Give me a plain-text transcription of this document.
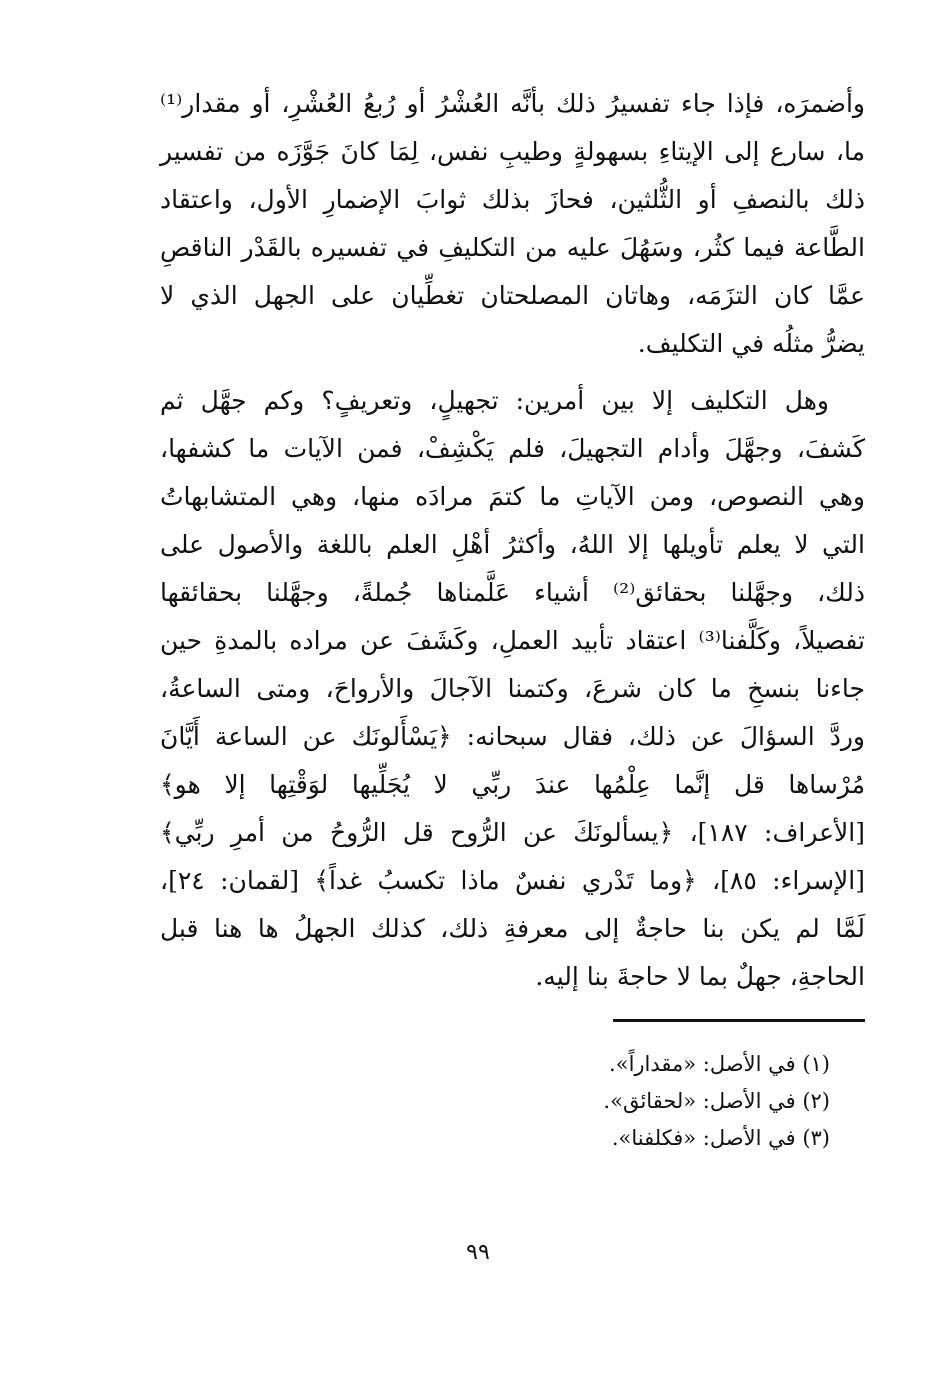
وأضمرَه، فإذا جاء تفسيرُ ذلك بأنَّه العُشْرُ أو رُبعُ العُشْرِ، أو مقدار⁽¹⁾
ما، سارع إلى الإيتاءِ بسهولةٍ وطيبِ نفس، لِمَا كانَ جَوَّزَه من تفسير
ذلك بالنصفِ أو الثُّلثين، فحازَ بذلك ثوابَ الإضمارِ الأول، واعتقاد
الطَّاعة فيما كثُر، وسَهُلَ عليه من التكليفِ في تفسيره بالقَدْر الناقصِ
عمَّا كان التزَمَه، وهاتان المصلحتان تغطِّيان على الجهل الذي لا
يضرُّ مثلُه في التكليف.
وهل التكليف إلا بين أمرين: تجهيلٍ، وتعريفٍ؟ وكم جهَّل ثم
كَشفَ، وجهَّلَ وأدام التجهيلَ، فلم يَكْشِفْ، فمن الآيات ما كشفها،
وهي النصوص، ومن الآياتِ ما كتمَ مرادَه منها، وهي المتشابهاتُ
التي لا يعلم تأويلها إلا اللهُ، وأكثرُ أهْلِ العلم باللغة والأصول على
ذلك، وجهَّلنا بحقائق⁽²⁾ أشياء عَلَّمناها جُملةً، وجهَّلنا بحقائقها
تفصيلاً، وكَلَّفنا⁽³⁾ اعتقاد تأبيد العملِ، وكَشَفَ عن مراده بالمدةِ حين
جاءنا بنسخِ ما كان شرعَ، وكتمنا الآجالَ والأرواحَ، ومتى الساعةُ،
وردَّ السؤالَ عن ذلك، فقال سبحانه: ﴿يَسْأَلونَك عن الساعة أَيَّانَ
مُرْساها قل إنَّما عِلْمُها عندَ ربِّي لا يُجَلِّيها لوَقْتِها إلا هو﴾
[الأعراف: ١٨٧]، ﴿يسألونَكَ عن الرُّوح قل الرُّوحُ من أمرِ ربِّي﴾
[الإسراء: ٨٥]، ﴿وما تَدْري نفسٌ ماذا تكسبُ غداً﴾ [لقمان: ٢٤]،
لَمَّا لم يكن بنا حاجةٌ إلى معرفةِ ذلك، كذلك الجهلُ ها هنا قبل
الحاجةِ، جهلٌ بما لا حاجةَ بنا إليه.
(١) في الأصل: «مقداراً».
(٢) في الأصل: «لحقائق».
(٣) في الأصل: «فكلفنا».
٩٩
